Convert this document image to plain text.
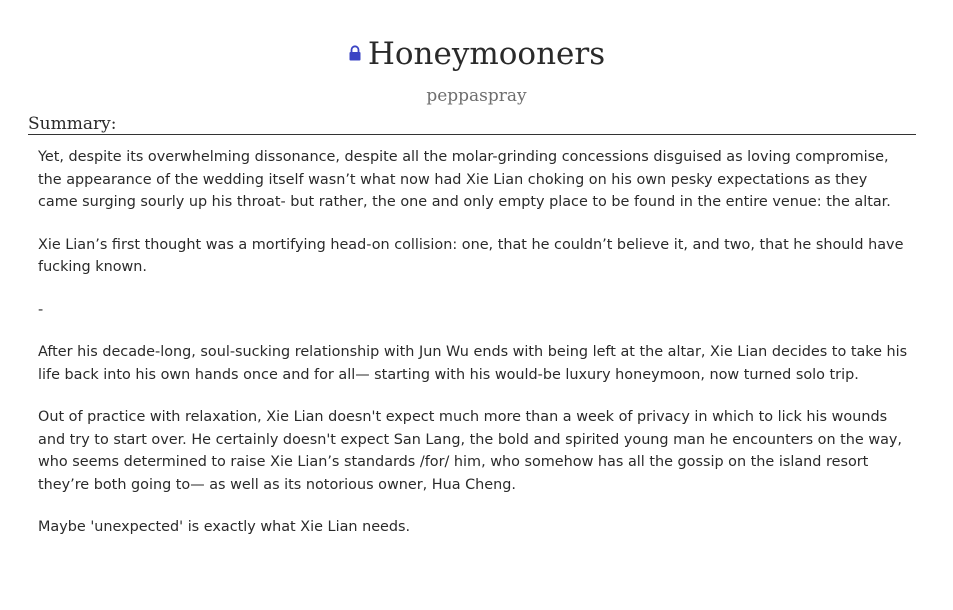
Honeymooners
peppaspray
Summary:

Yet, despite its overwhelming dissonance, despite all the molar-grinding concessions disguised as loving compromise, the appearance of the wedding itself wasn’t what now had Xie Lian choking on his own pesky expectations as they came surging sourly up his throat- but rather, the one and only empty place to be found in the entire venue: the altar.

Xie Lian’s first thought was a mortifying head-on collision: one, that he couldn’t believe it, and two, that he should have fucking known.

-

After his decade-long, soul-sucking relationship with Jun Wu ends with being left at the altar, Xie Lian decides to take his life back into his own hands once and for all— starting with his would-be luxury honeymoon, now turned solo trip.

Out of practice with relaxation, Xie Lian doesn't expect much more than a week of privacy in which to lick his wounds and try to start over. He certainly doesn't expect San Lang, the bold and spirited young man he encounters on the way, who seems determined to raise Xie Lian’s standards /for/ him, who somehow has all the gossip on the island resort they’re both going to— as well as its notorious owner, Hua Cheng.

Maybe 'unexpected' is exactly what Xie Lian needs.
